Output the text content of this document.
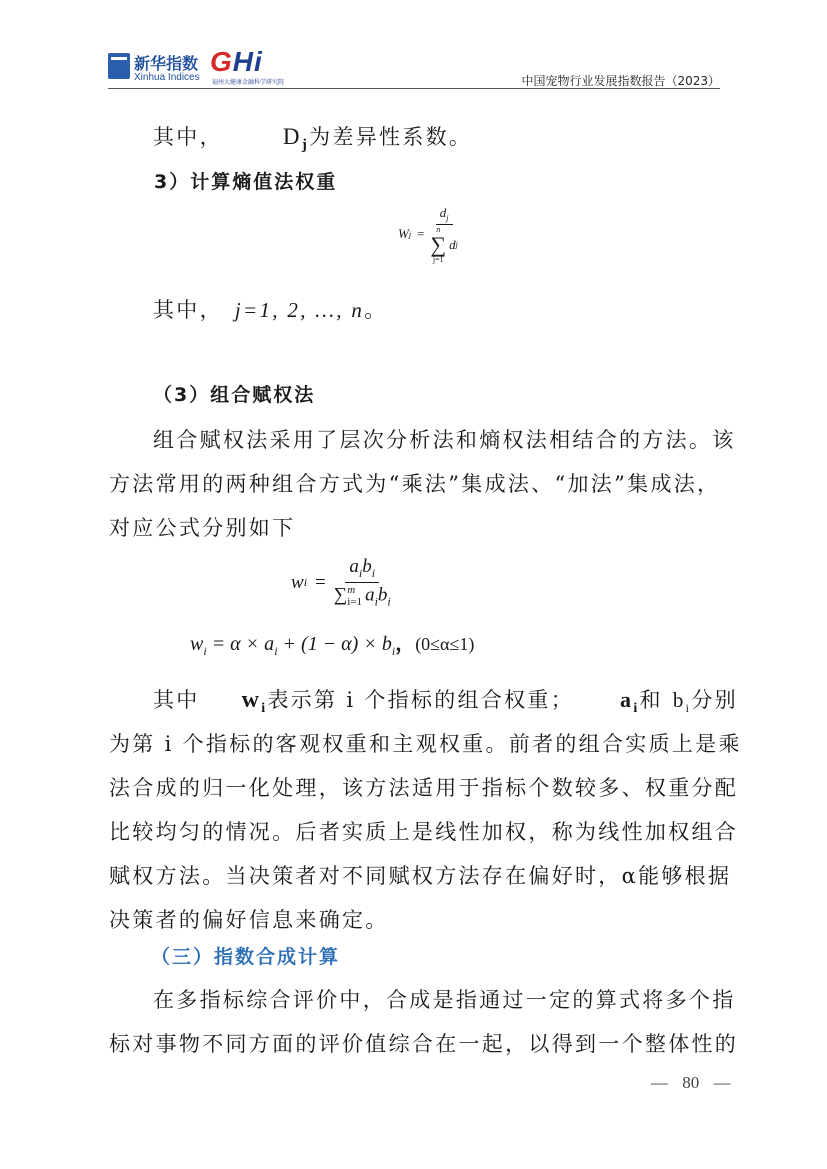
新华指数
Xinhua Indices
GHi
福州大健康金融科学研究院	中国宠物行业发展指数报告（2023）
其中，	$D_j$为差异性系数。
3）计算熵值法权重
W $j = d_j$
n
∑
j=1
d j
其中， j=1, 2, …, n。
（3）组合赋权法
组合赋权法采用了层次分析法和熵权法相结合的方法。该
方法常用的两种组合方式为“乘法”集成法、“加法”集成法，
对应公式分别如下
w $i = a_ib_i$
∑ m
i=1 $a_ib_i$
$w_i = \alpha \times a_i + (1 - \alpha) \times b_i$，(0≤α≤1)
其中 $w_i$表示第 i 个指标的组合权重； $a_i$和 $b_i$分别
为第 i 个指标的客观权重和主观权重。前者的组合实质上是乘
法合成的归一化处理，该方法适用于指标个数较多、权重分配
比较均匀的情况。后者实质上是线性加权，称为线性加权组合
赋权方法。当决策者对不同赋权方法存在偏好时，α能够根据
决策者的偏好信息来确定。
（三）指数合成计算
在多指标综合评价中，合成是指通过一定的算式将多个指
标对事物不同方面的评价值综合在一起，以得到一个整体性的
— 80 —
